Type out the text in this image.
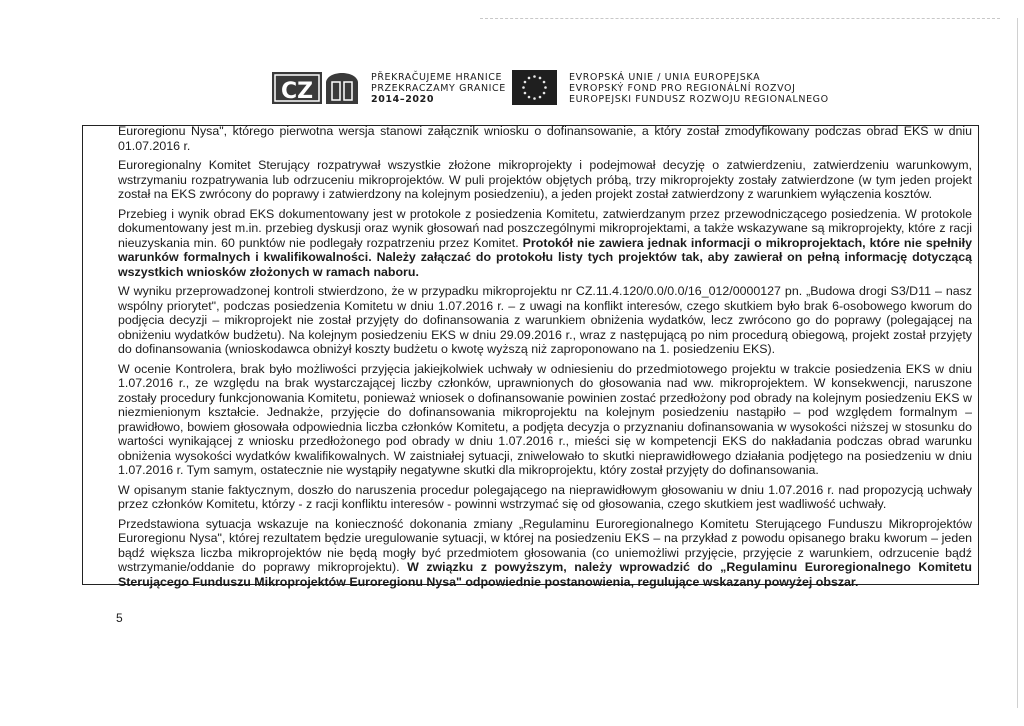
CZ
PŘEKRAČUJEME HRANICE
PRZEKRACZAMY GRANICE
2014–2020
EVROPSKÁ UNIE / UNIA EUROPEJSKA
EVROPSKÝ FOND PRO REGIONÁLNÍ ROZVOJ
EUROPEJSKI FUNDUSZ ROZWOJU REGIONALNEGO

Euroregionu Nysa", którego pierwotna wersja stanowi załącznik wniosku o dofinansowanie, a który został zmodyfikowany podczas obrad EKS w dniu 01.07.2016 r.

Euroregionalny Komitet Sterujący rozpatrywał wszystkie złożone mikroprojekty i podejmował decyzję o zatwierdzeniu, zatwierdzeniu warunkowym, wstrzymaniu rozpatrywania lub odrzuceniu mikroprojektów. W puli projektów objętych próbą, trzy mikroprojekty zostały zatwierdzone (w tym jeden projekt został na EKS zwrócony do poprawy i zatwierdzony na kolejnym posiedzeniu), a jeden projekt został zatwierdzony z warunkiem wyłączenia kosztów.

Przebieg i wynik obrad EKS dokumentowany jest w protokole z posiedzenia Komitetu, zatwierdzanym przez przewodniczącego posiedzenia. W protokole dokumentowany jest m.in. przebieg dyskusji oraz wynik głosowań nad poszczególnymi mikroprojektami, a także wskazywane są mikroprojekty, które z racji nieuzyskania min. 60 punktów nie podlegały rozpatrzeniu przez Komitet. Protokół nie zawiera jednak informacji o mikroprojektach, które nie spełniły warunków formalnych i kwalifikowalności. Należy załączać do protokołu listy tych projektów tak, aby zawierał on pełną informację dotyczącą wszystkich wniosków złożonych w ramach naboru.

W wyniku przeprowadzonej kontroli stwierdzono, że w przypadku mikroprojektu nr CZ.11.4.120/0.0/0.0/16_012/0000127 pn. „Budowa drogi S3/D11 – nasz wspólny priorytet", podczas posiedzenia Komitetu w dniu 1.07.2016 r. – z uwagi na konflikt interesów, czego skutkiem było brak 6-osobowego kworum do podjęcia decyzji – mikroprojekt nie został przyjęty do dofinansowania z warunkiem obniżenia wydatków, lecz zwrócono go do poprawy (polegającej na obniżeniu wydatków budżetu). Na kolejnym posiedzeniu EKS w dniu 29.09.2016 r., wraz z następującą po nim procedurą obiegową, projekt został przyjęty do dofinansowania (wnioskodawca obniżył koszty budżetu o kwotę wyższą niż zaproponowano na 1. posiedzeniu EKS).

W ocenie Kontrolera, brak było możliwości przyjęcia jakiejkolwiek uchwały w odniesieniu do przedmiotowego projektu w trakcie posiedzenia EKS w dniu 1.07.2016 r., ze względu na brak wystarczającej liczby członków, uprawnionych do głosowania nad ww. mikroprojektem. W konsekwencji, naruszone zostały procedury funkcjonowania Komitetu, ponieważ wniosek o dofinansowanie powinien zostać przedłożony pod obrady na kolejnym posiedzeniu EKS w niezmienionym kształcie. Jednakże, przyjęcie do dofinansowania mikroprojektu na kolejnym posiedzeniu nastąpiło – pod względem formalnym – prawidłowo, bowiem głosowała odpowiednia liczba członków Komitetu, a podjęta decyzja o przyznaniu dofinansowania w wysokości niższej w stosunku do wartości wynikającej z wniosku przedłożonego pod obrady w dniu 1.07.2016 r., mieści się w kompetencji EKS do nakładania podczas obrad warunku obniżenia wysokości wydatków kwalifikowalnych. W zaistniałej sytuacji, zniwelowało to skutki nieprawidłowego działania podjętego na posiedzeniu w dniu 1.07.2016 r. Tym samym, ostatecznie nie wystąpiły negatywne skutki dla mikroprojektu, który został przyjęty do dofinansowania.

W opisanym stanie faktycznym, doszło do naruszenia procedur polegającego na nieprawidłowym głosowaniu w dniu 1.07.2016 r. nad propozycją uchwały przez członków Komitetu, którzy - z racji konfliktu interesów - powinni wstrzymać się od głosowania, czego skutkiem jest wadliwość uchwały.

Przedstawiona sytuacja wskazuje na konieczność dokonania zmiany „Regulaminu Euroregionalnego Komitetu Sterującego Funduszu Mikroprojektów Euroregionu Nysa", której rezultatem będzie uregulowanie sytuacji, w której na posiedzeniu EKS – na przykład z powodu opisanego braku kworum – jeden bądź większa liczba mikroprojektów nie będą mogły być przedmiotem głosowania (co uniemożliwi przyjęcie, przyjęcie z warunkiem, odrzucenie bądź wstrzymanie/oddanie do poprawy mikroprojektu). W związku z powyższym, należy wprowadzić do „Regulaminu Euroregionalnego Komitetu Sterującego Funduszu Mikroprojektów Euroregionu Nysa" odpowiednie postanowienia, regulujące wskazany powyżej obszar.

5
